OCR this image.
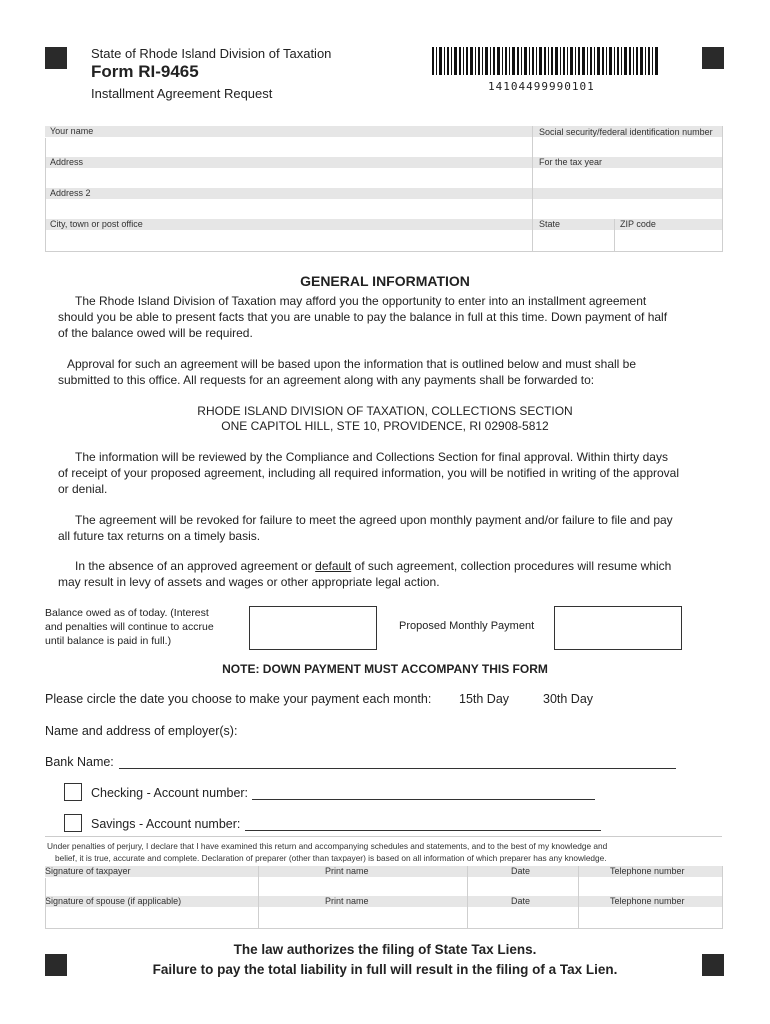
State of Rhode Island Division of Taxation
Form RI-9465
Installment Agreement Request	14104499990101
Your name	Social security/federal identification number
Address	For the tax year
Address 2
City, town or post office	State	ZIP code
GENERAL INFORMATION
The Rhode Island Division of Taxation may afford you the opportunity to enter into an installment agreement
should you be able to present facts that you are unable to pay the balance in full at this time. Down payment of half
of the balance owed will be required.
Approval for such an agreement will be based upon the information that is outlined below and must shall be
submitted to this office. All requests for an agreement along with any payments shall be forwarded to:
RHODE ISLAND DIVISION OF TAXATION, COLLECTIONS SECTION
ONE CAPITOL HILL, STE 10, PROVIDENCE, RI 02908-5812
The information will be reviewed by the Compliance and Collections Section for final approval. Within thirty days
of receipt of your proposed agreement, including all required information, you will be notified in writing of the approval
or denial.
The agreement will be revoked for failure to meet the agreed upon monthly payment and/or failure to file and pay
all future tax returns on a timely basis.
In the absence of an approved agreement or default of such agreement, collection procedures will resume which
may result in levy of assets and wages or other appropriate legal action.
Balance owed as of today. (Interest
and penalties will continue to accrue
until balance is paid in full.)
Proposed Monthly Payment
NOTE: DOWN PAYMENT MUST ACCOMPANY THIS FORM
Please circle the date you choose to make your payment each month: 15th Day	30th Day
Name and address of employer(s):
Bank Name:
Checking - Account number:
Savings - Account number:
Under penalties of perjury, I declare that I have examined this return and accompanying schedules and statements, and to the best of my knowledge and
belief, it is true, accurate and complete. Declaration of preparer (other than taxpayer) is based on all information of which preparer has any knowledge.
Signature of taxpayer	Print name	Date	Telephone number
Signature of spouse (if applicable)	Print name	Date	Telephone number
The law authorizes the filing of State Tax Liens.
Failure to pay the total liability in full will result in the filing of a Tax Lien.
